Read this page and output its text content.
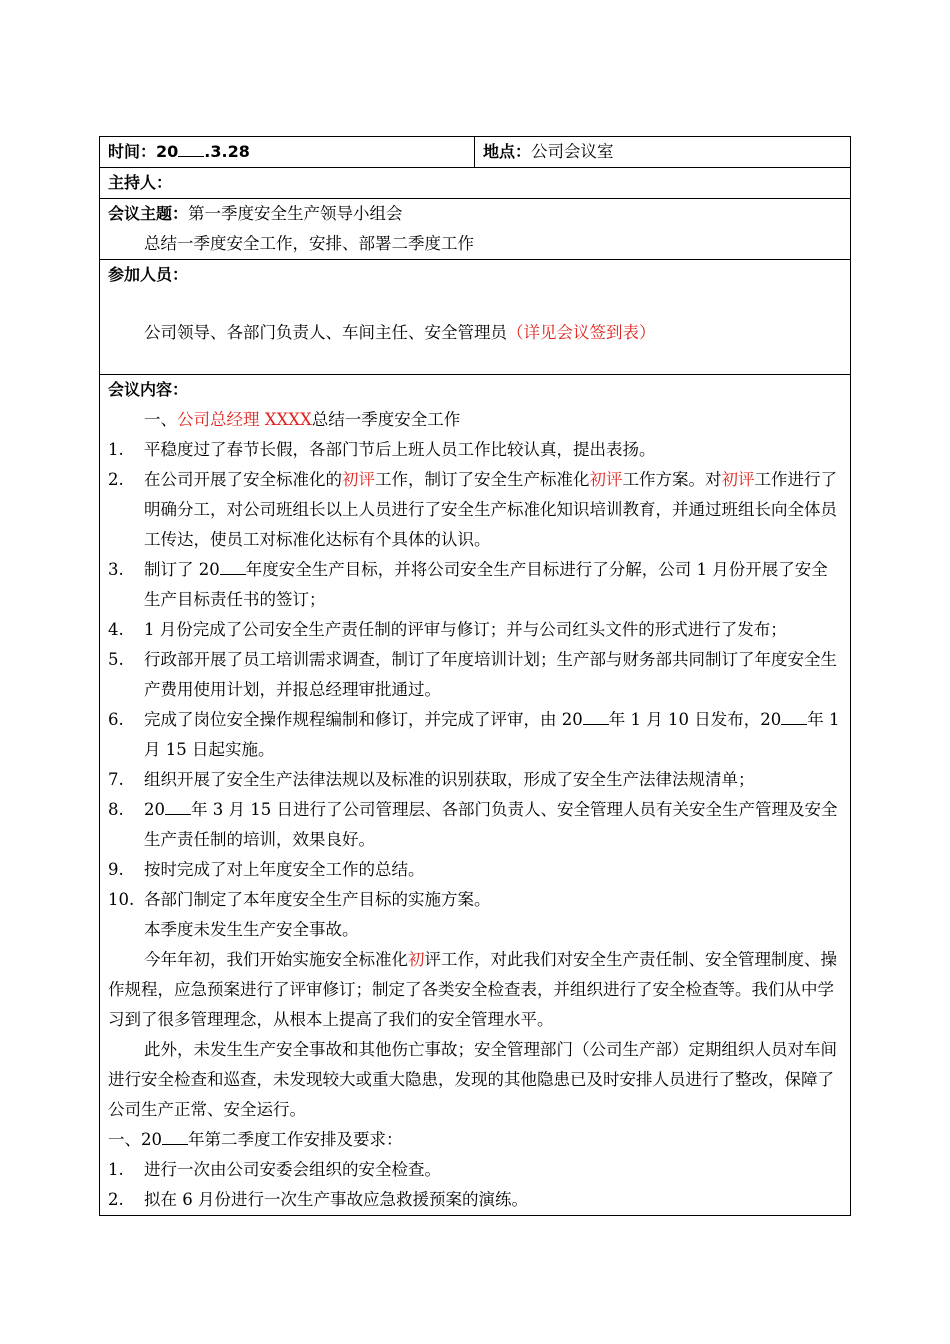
时间：20 .3.28	地点：公司会议室
主持人：

会议主题：第一季度安全生产领导小组会
总结一季度安全工作，安排、部署二季度工作

参加人员：
公司领导、各部门负责人、车间主任、安全管理员（详见会议签到表）

会议内容：
一、公司总经理 XXXX总结一季度安全工作
1.	平稳度过了春节长假，各部门节后上班人员工作比较认真，提出表扬。
2.	在公司开展了安全标准化的初评工作，制订了安全生产标准化初评工作方案。对初评工作进行了明确分工，对公司班组长以上人员进行了安全生产标准化知识培训教育，并通过班组长向全体员工传达，使员工对标准化达标有个具体的认识。
3.	制订了 20 年度安全生产目标，并将公司安全生产目标进行了分解，公司 1 月份开展了安全生产目标责任书的签订；
4.	1 月份完成了公司安全生产责任制的评审与修订；并与公司红头文件的形式进行了发布；
5.	行政部开展了员工培训需求调查，制订了年度培训计划；生产部与财务部共同制订了年度安全生产费用使用计划，并报总经理审批通过。
6.	完成了岗位安全操作规程编制和修订，并完成了评审，由 20 年 1 月 10 日发布，20 年 1 月 15 日起实施。
7.	组织开展了安全生产法律法规以及标准的识别获取，形成了安全生产法律法规清单；
8.	20 年 3 月 15 日进行了公司管理层、各部门负责人、安全管理人员有关安全生产管理及安全生产责任制的培训，效果良好。
9.	按时完成了对上年度安全工作的总结。
10. 各部门制定了本年度安全生产目标的实施方案。
本季度未发生生产安全事故。
今年年初，我们开始实施安全标准化初评工作，对此我们对安全生产责任制、安全管理制度、操作规程，应急预案进行了评审修订；制定了各类安全检查表，并组织进行了安全检查等。我们从中学习到了很多管理理念，从根本上提高了我们的安全管理水平。
此外，未发生生产安全事故和其他伤亡事故；安全管理部门（公司生产部）定期组织人员对车间进行安全检查和巡查，未发现较大或重大隐患，发现的其他隐患已及时安排人员进行了整改，保障了公司生产正常、安全运行。
一、20 年第二季度工作安排及要求：
1.	进行一次由公司安委会组织的安全检查。
2.	拟在 6 月份进行一次生产事故应急救援预案的演练。
